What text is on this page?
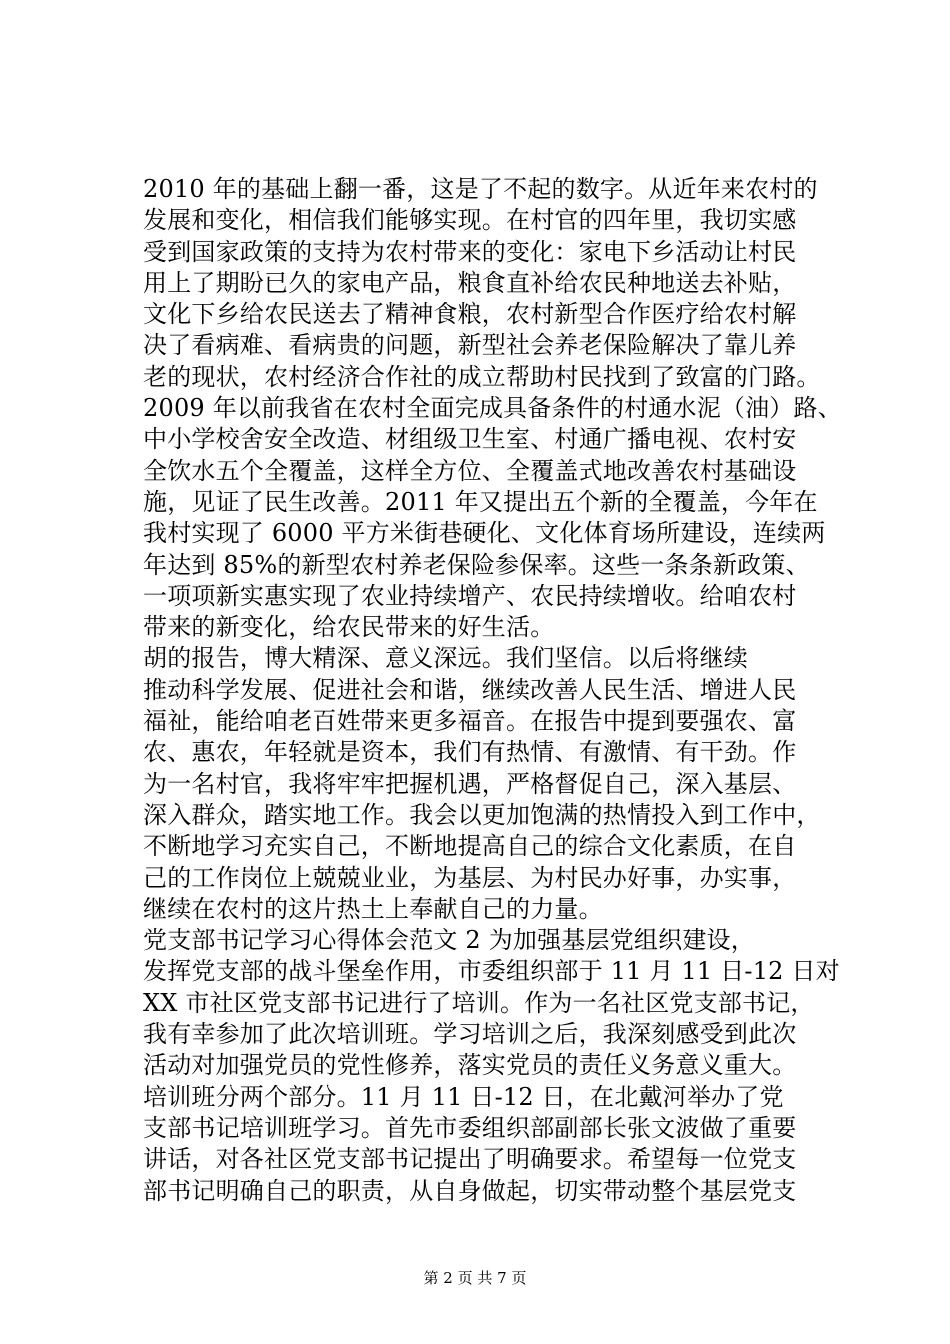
2010 年的基础上翻一番，这是了不起的数字。从近年来农村的
发展和变化，相信我们能够实现。在村官的四年里，我切实感
受到国家政策的支持为农村带来的变化：家电下乡活动让村民
用上了期盼已久的家电产品，粮食直补给农民种地送去补贴，
文化下乡给农民送去了精神食粮，农村新型合作医疗给农村解
决了看病难、看病贵的问题，新型社会养老保险解决了靠儿养
老的现状，农村经济合作社的成立帮助村民找到了致富的门路。
2009 年以前我省在农村全面完成具备条件的村通水泥（油）路、
中小学校舍安全改造、材组级卫生室、村通广播电视、农村安
全饮水五个全覆盖，这样全方位、全覆盖式地改善农村基础设
施，见证了民生改善。2011 年又提出五个新的全覆盖，今年在
我村实现了 6000 平方米街巷硬化、文化体育场所建设，连续两
年达到 85%的新型农村养老保险参保率。这些一条条新政策、
一项项新实惠实现了农业持续增产、农民持续增收。给咱农村
带来的新变化，给农民带来的好生活。
胡的报告，博大精深、意义深远。我们坚信。以后将继续
推动科学发展、促进社会和谐，继续改善人民生活、增进人民
福祉，能给咱老百姓带来更多福音。在报告中提到要强农、富
农、惠农，年轻就是资本，我们有热情、有激情、有干劲。作
为一名村官，我将牢牢把握机遇，严格督促自己，深入基层、
深入群众，踏实地工作。我会以更加饱满的热情投入到工作中，
不断地学习充实自己，不断地提高自己的综合文化素质，在自
己的工作岗位上兢兢业业，为基层、为村民办好事，办实事，
继续在农村的这片热土上奉献自己的力量。
党支部书记学习心得体会范文 2 为加强基层党组织建设，
发挥党支部的战斗堡垒作用，市委组织部于 11 月 11 日-12 日对
XX 市社区党支部书记进行了培训。作为一名社区党支部书记，
我有幸参加了此次培训班。学习培训之后，我深刻感受到此次
活动对加强党员的党性修养，落实党员的责任义务意义重大。
培训班分两个部分。11 月 11 日-12 日，在北戴河举办了党
支部书记培训班学习。首先市委组织部副部长张文波做了重要
讲话，对各社区党支部书记提出了明确要求。希望每一位党支
部书记明确自己的职责，从自身做起，切实带动整个基层党支
第 2 页 共 7 页
